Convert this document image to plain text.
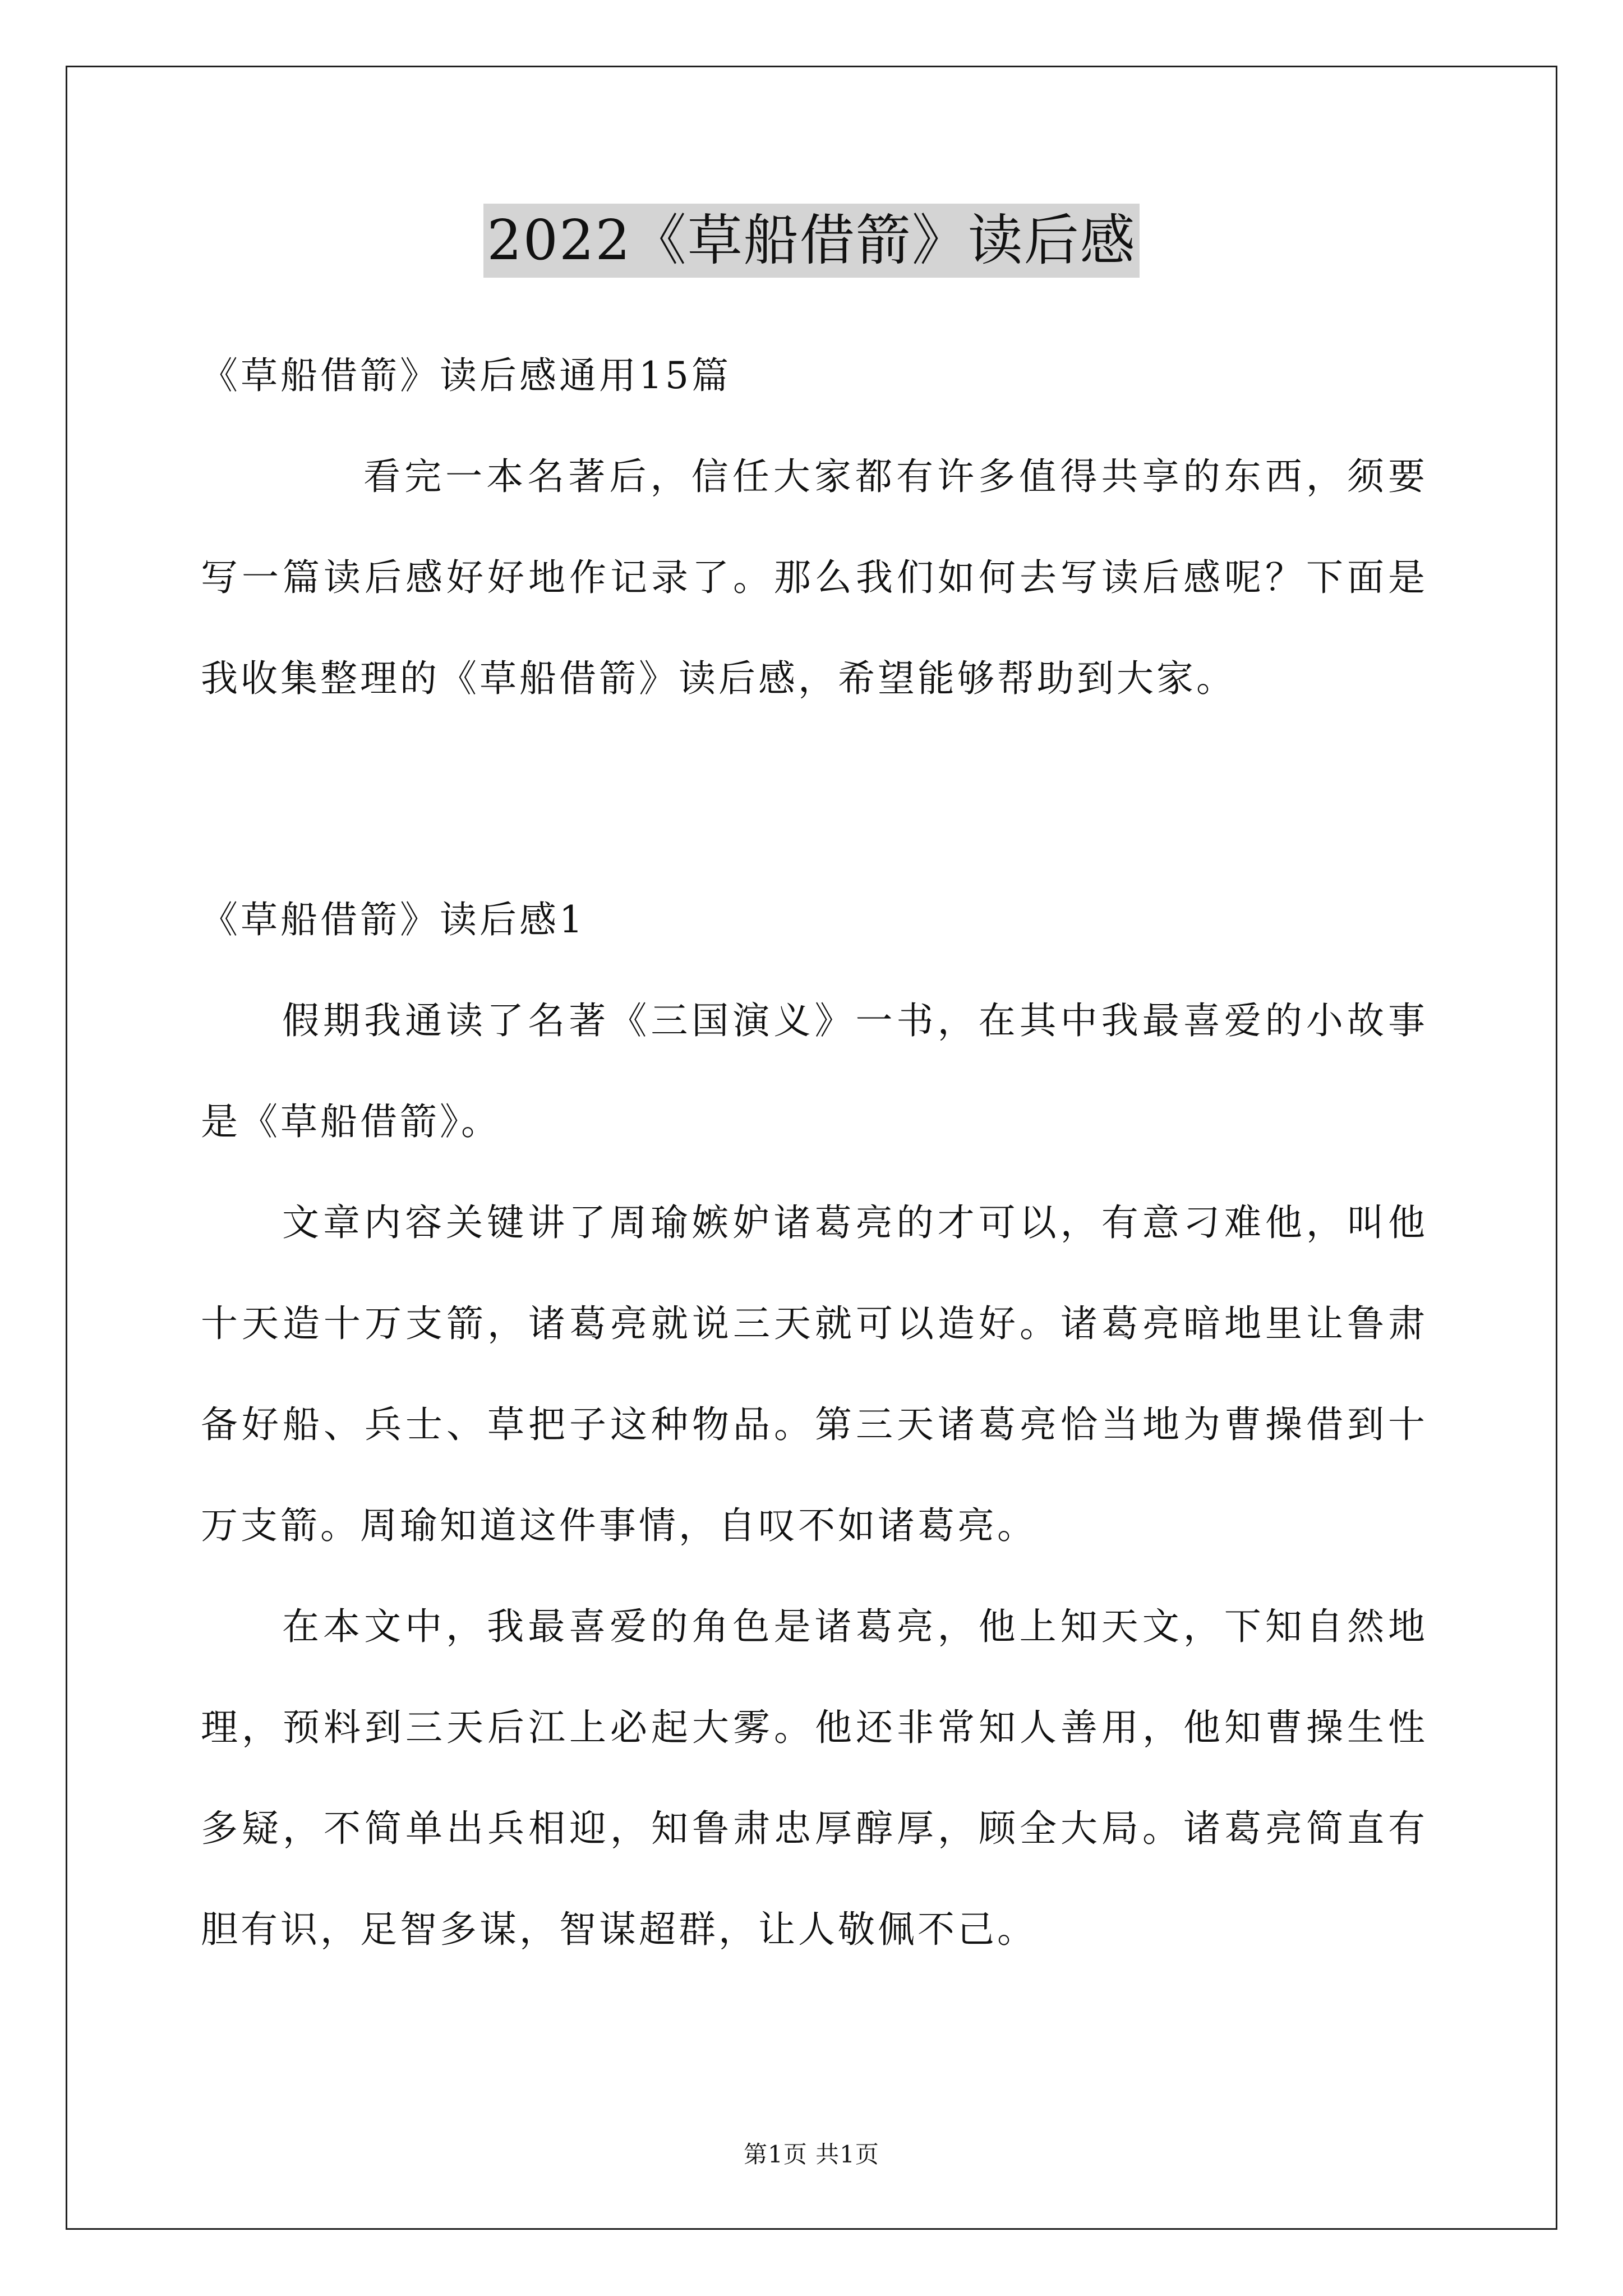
2022《草船借箭》读后感
《草船借箭》读后感通用15篇

看完一本名著后，信任大家都有许多值得共享的东西，须要写一篇读后感好好地作记录了。那么我们如何去写读后感呢？下面是我收集整理的《草船借箭》读后感，希望能够帮助到大家。

《草船借箭》读后感1

假期我通读了名著《三国演义》一书，在其中我最喜爱的小故事是《草船借箭》。

文章内容关键讲了周瑜嫉妒诸葛亮的才可以，有意刁难他，叫他十天造十万支箭，诸葛亮就说三天就可以造好。诸葛亮暗地里让鲁肃备好船、兵士、草把子这种物品。第三天诸葛亮恰当地为曹操借到十万支箭。周瑜知道这件事情，自叹不如诸葛亮。

在本文中，我最喜爱的角色是诸葛亮，他上知天文，下知自然地理，预料到三天后江上必起大雾。他还非常知人善用，他知曹操生性多疑，不简单出兵相迎，知鲁肃忠厚醇厚，顾全大局。诸葛亮简直有胆有识，足智多谋，智谋超群，让人敬佩不己。

第1页 共1页
